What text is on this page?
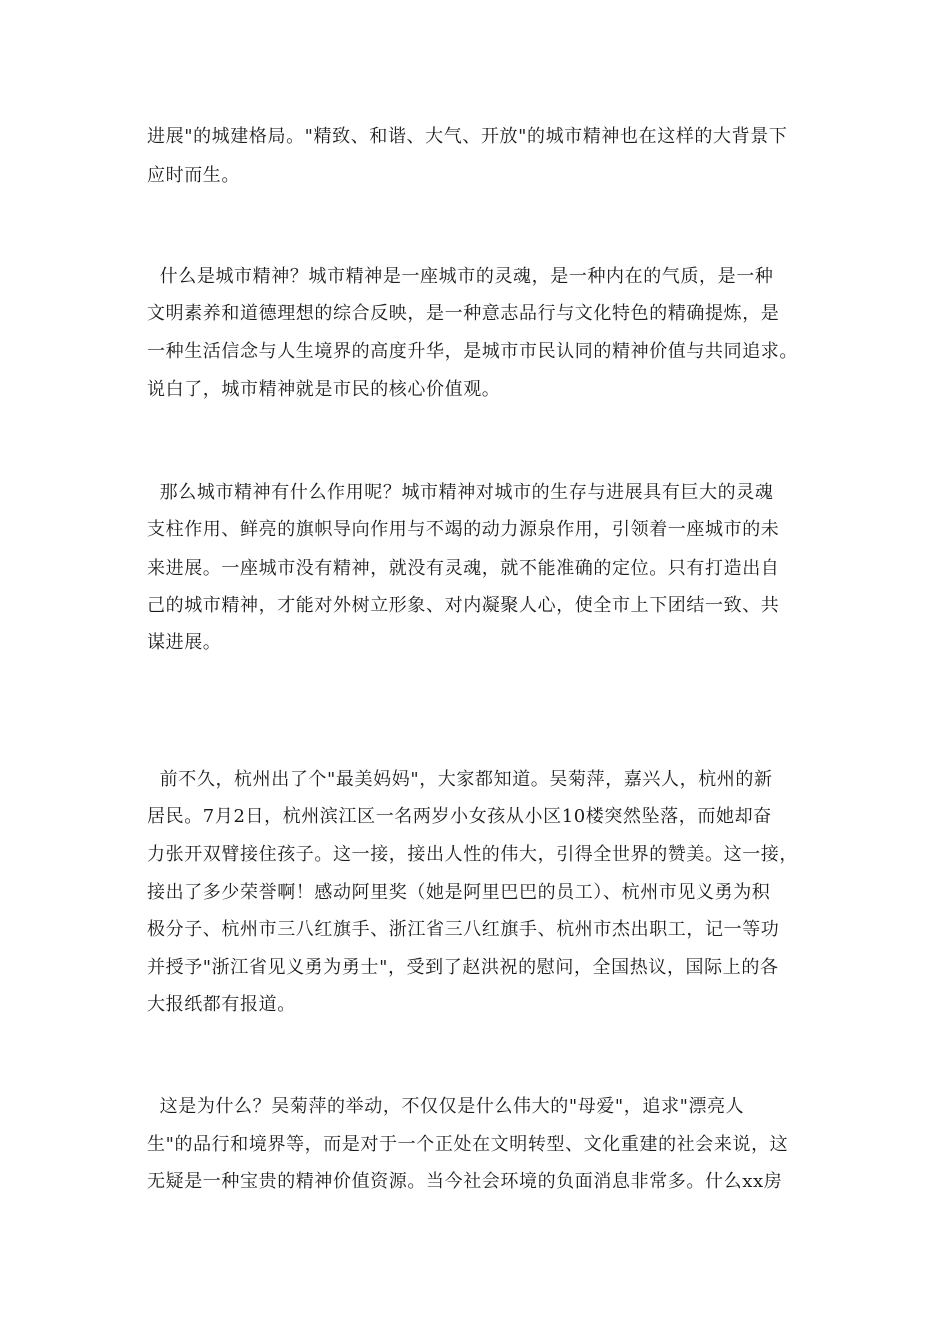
进展"的城建格局。"精致、和谐、大气、开放"的城市精神也在这样的大背景下
应时而生。
什么是城市精神？城市精神是一座城市的灵魂，是一种内在的气质，是一种
文明素养和道德理想的综合反映，是一种意志品行与文化特色的精确提炼，是
一种生活信念与人生境界的高度升华，是城市市民认同的精神价值与共同追求。
说白了，城市精神就是市民的核心价值观。
那么城市精神有什么作用呢？城市精神对城市的生存与进展具有巨大的灵魂
支柱作用、鲜亮的旗帜导向作用与不竭的动力源泉作用，引领着一座城市的未
来进展。一座城市没有精神，就没有灵魂，就不能准确的定位。只有打造出自
己的城市精神，才能对外树立形象、对内凝聚人心，使全市上下团结一致、共
谋进展。
前不久，杭州出了个"最美妈妈"，大家都知道。吴菊萍，嘉兴人，杭州的新
居民。7月2日，杭州滨江区一名两岁小女孩从小区10楼突然坠落，而她却奋
力张开双臂接住孩子。这一接，接出人性的伟大，引得全世界的赞美。这一接，
接出了多少荣誉啊！感动阿里奖（她是阿里巴巴的员工）、杭州市见义勇为积
极分子、杭州市三八红旗手、浙江省三八红旗手、杭州市杰出职工，记一等功
并授予"浙江省见义勇为勇士"，受到了赵洪祝的慰问，全国热议，国际上的各
大报纸都有报道。
这是为什么？吴菊萍的举动，不仅仅是什么伟大的"母爱"，追求"漂亮人
生"的品行和境界等，而是对于一个正处在文明转型、文化重建的社会来说，这
无疑是一种宝贵的精神价值资源。当今社会环境的负面消息非常多。什么xx房
